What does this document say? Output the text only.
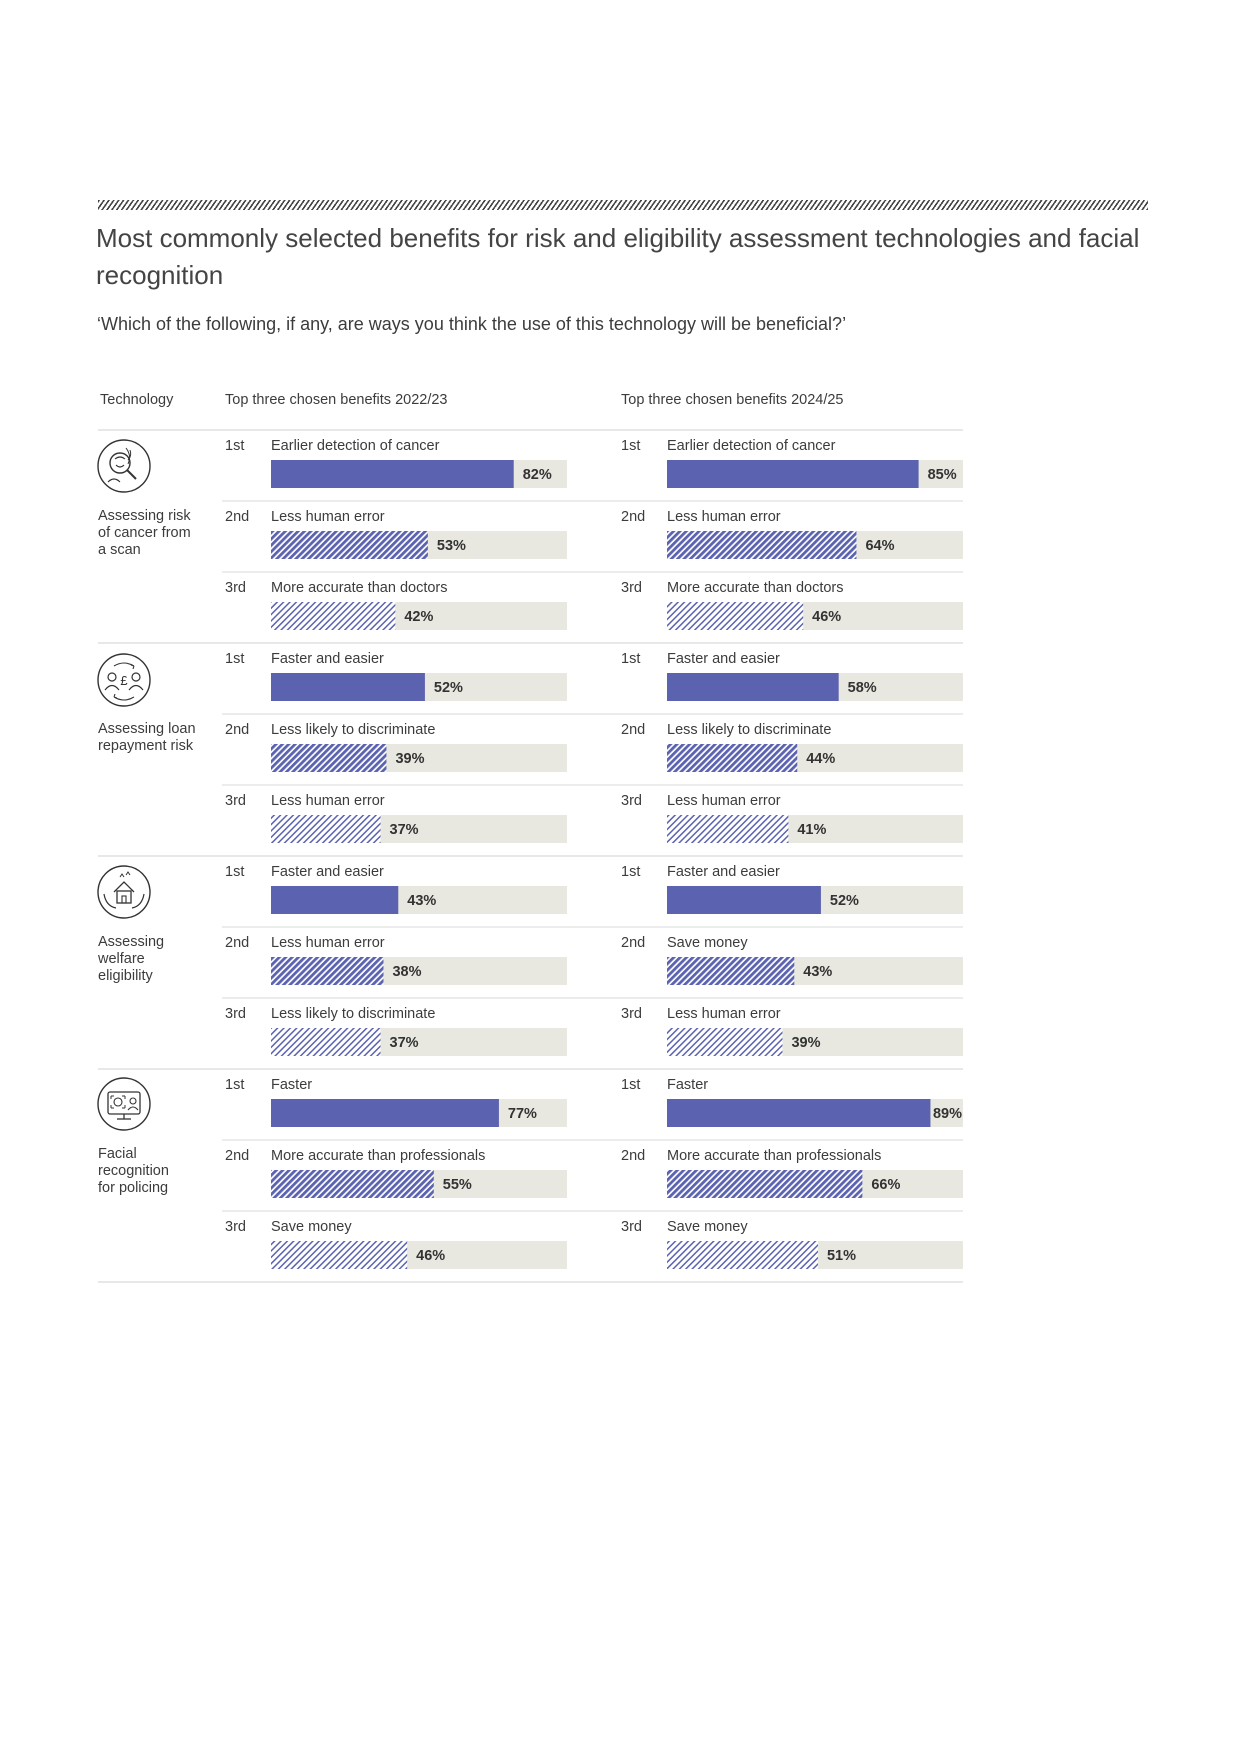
Most commonly selected benefits for risk and eligibility assessment technologies and facial recognition

‘Which of the following, if any, are ways you think the use of this technology will be beneficial?’

Technology	Top three chosen benefits 2022/23	Top three chosen benefits 2024/25
£
Assessing risk
of cancer from
a scan
Assessing loan
repayment risk
Assessing
welfare
eligibility
Facial
recognition
for policing
1st Earlier detection of cancer
82%
1st Earlier detection of cancer
85%
2nd Less human error
53%
2nd Less human error
64%
3rd More accurate than doctors
42%
3rd More accurate than doctors
46%
1st Faster and easier
52%
1st Faster and easier
58%
2nd Less likely to discriminate
39%
2nd Less likely to discriminate
44%
3rd Less human error
37%
3rd Less human error
41%
1st Faster and easier
43%
1st Faster and easier
52%
2nd Less human error
38%
2nd Save money
43%
3rd Less likely to discriminate
37%
3rd Less human error
39%
1st Faster
77%
1st Faster
89%
2nd More accurate than professionals
55%
2nd More accurate than professionals
66%
3rd Save money
46%
3rd Save money
51%
